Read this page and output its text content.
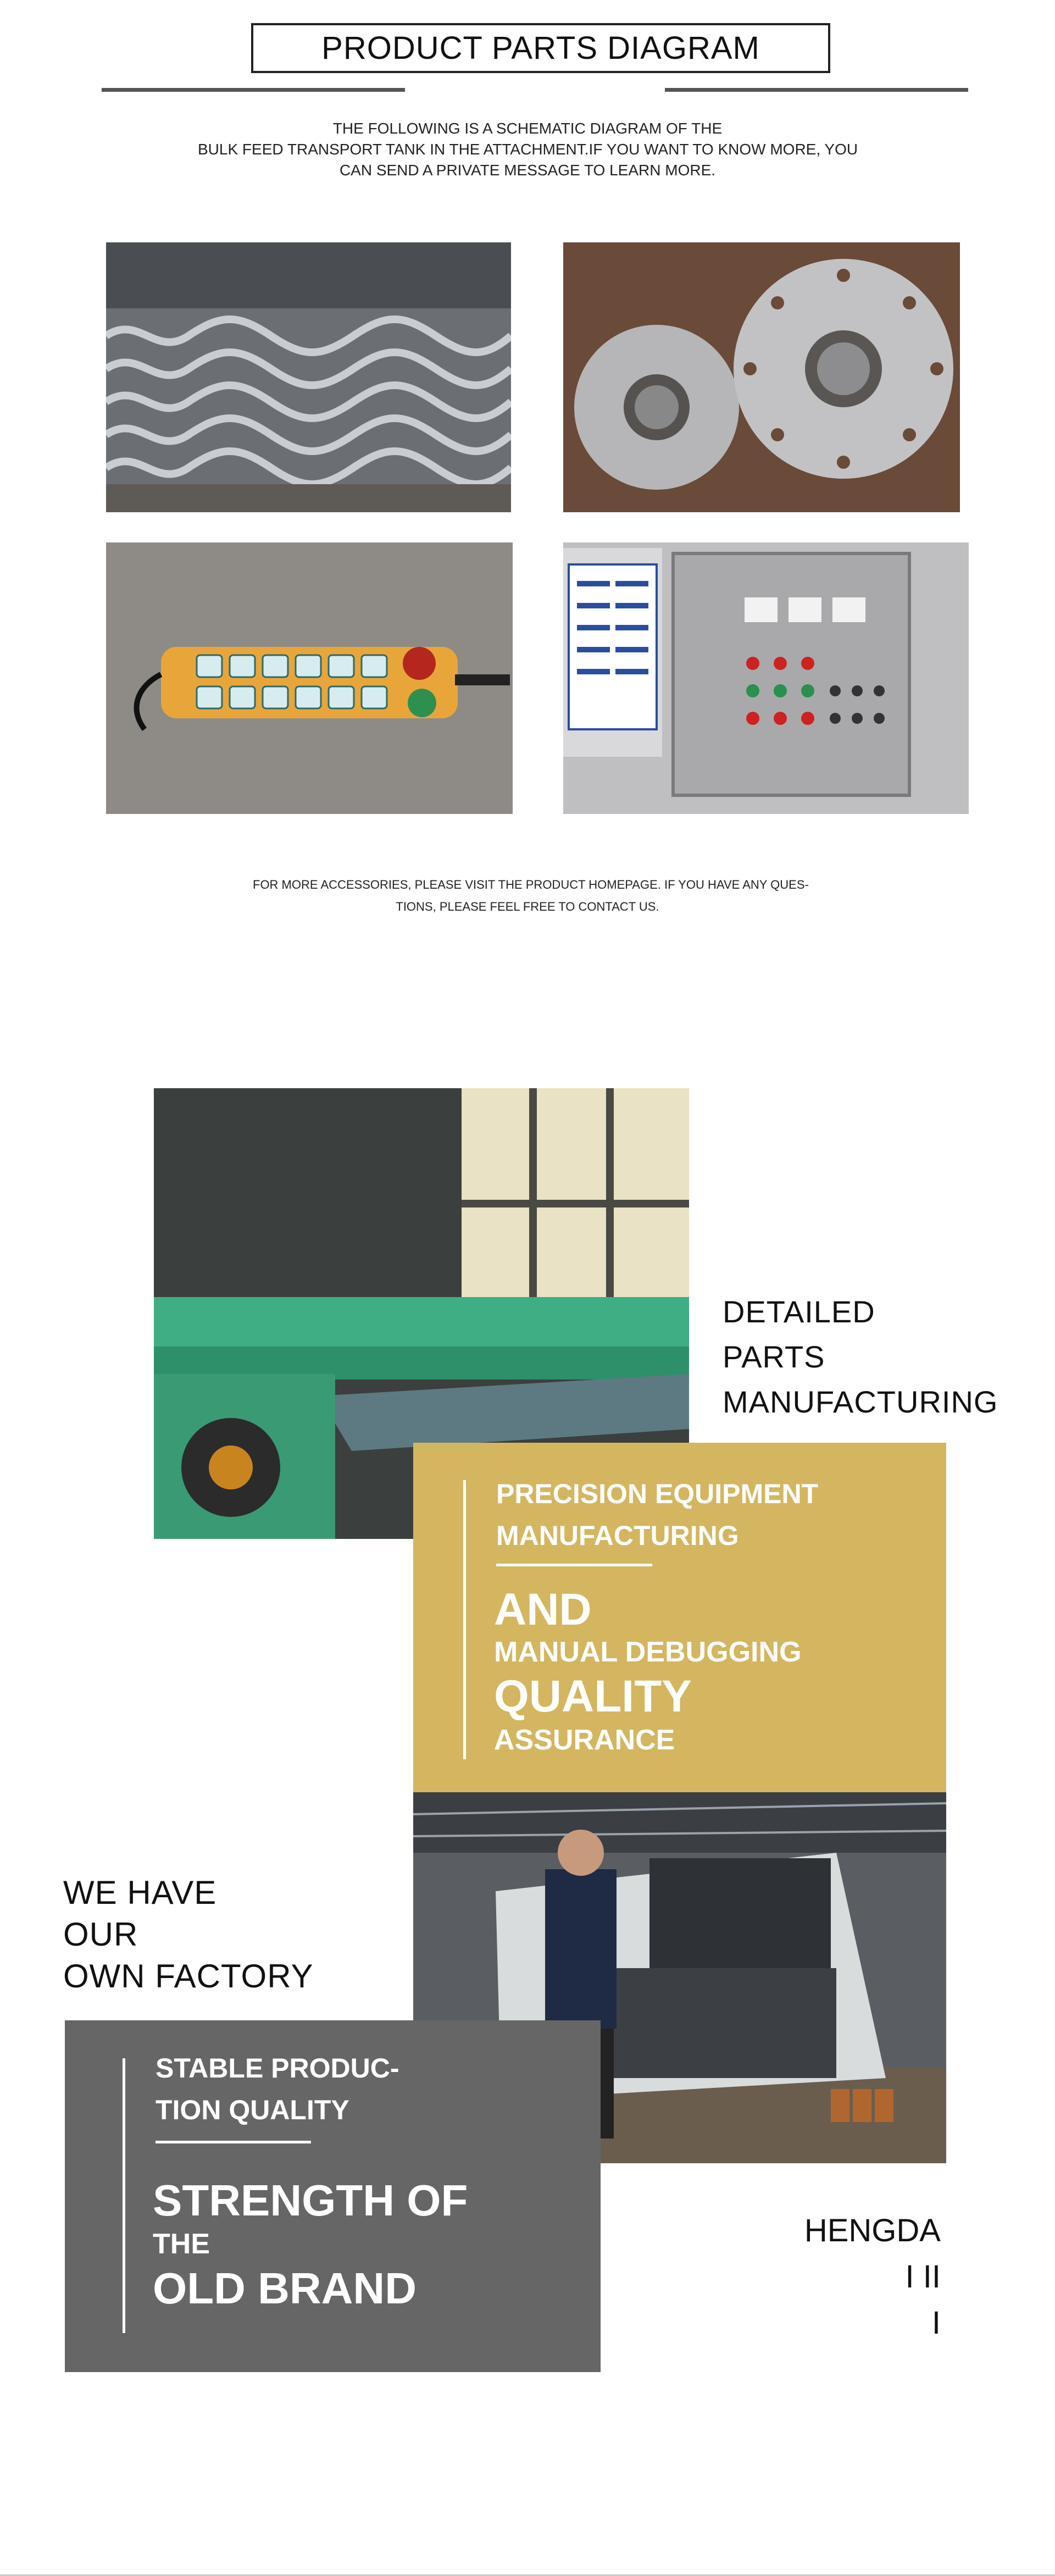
PRODUCT PARTS DIAGRAM
THE FOLLOWING IS A SCHEMATIC DIAGRAM OF THE
BULK FEED TRANSPORT TANK IN THE ATTACHMENT.IF YOU WANT TO KNOW MORE, YOU
CAN SEND A PRIVATE MESSAGE TO LEARN MORE.
FOR MORE ACCESSORIES, PLEASE VISIT THE PRODUCT HOMEPAGE. IF YOU HAVE ANY QUES-
TIONS, PLEASE FEEL FREE TO CONTACT US.
DETAILED
PARTS
MANUFACTURING
PRECISION EQUIPMENT
MANUFACTURING
AND
MANUAL DEBUGGING
QUALITY
ASSURANCE
WE HAVE
OUR
OWN FACTORY
STABLE PRODUC-
TION QUALITY
STRENGTH OF
THE
OLD BRAND
HENGDA
I II
I
